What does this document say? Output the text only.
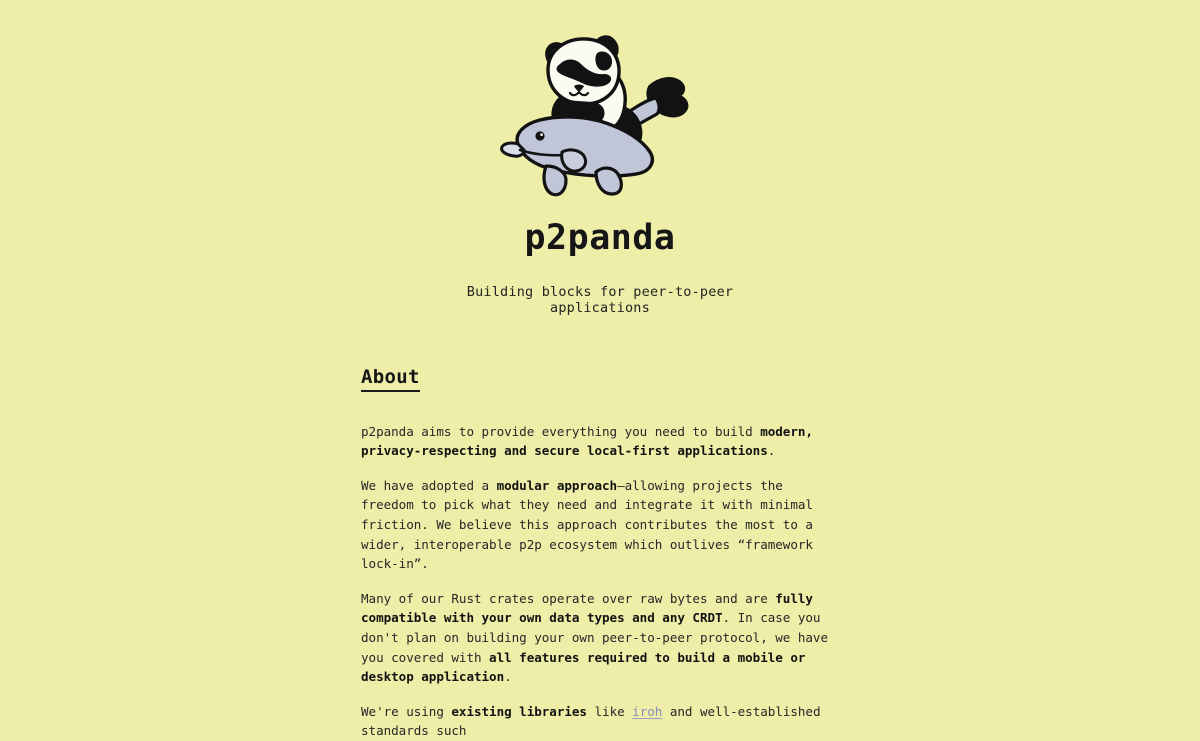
p2panda

Building blocks for peer-to-peer applications

About

p2panda aims to provide everything you need to build modern, privacy-respecting and secure local-first applications.

We have adopted a modular approach—allowing projects the freedom to pick what they need and integrate it with minimal friction. We believe this approach contributes the most to a wider, interoperable p2p ecosystem which outlives “framework lock-in”.

Many of our Rust crates operate over raw bytes and are fully compatible with your own data types and any CRDT. In case you don't plan on building your own peer-to-peer protocol, we have you covered with all features required to build a mobile or desktop application.

We're using existing libraries like iroh and well-established standards such
